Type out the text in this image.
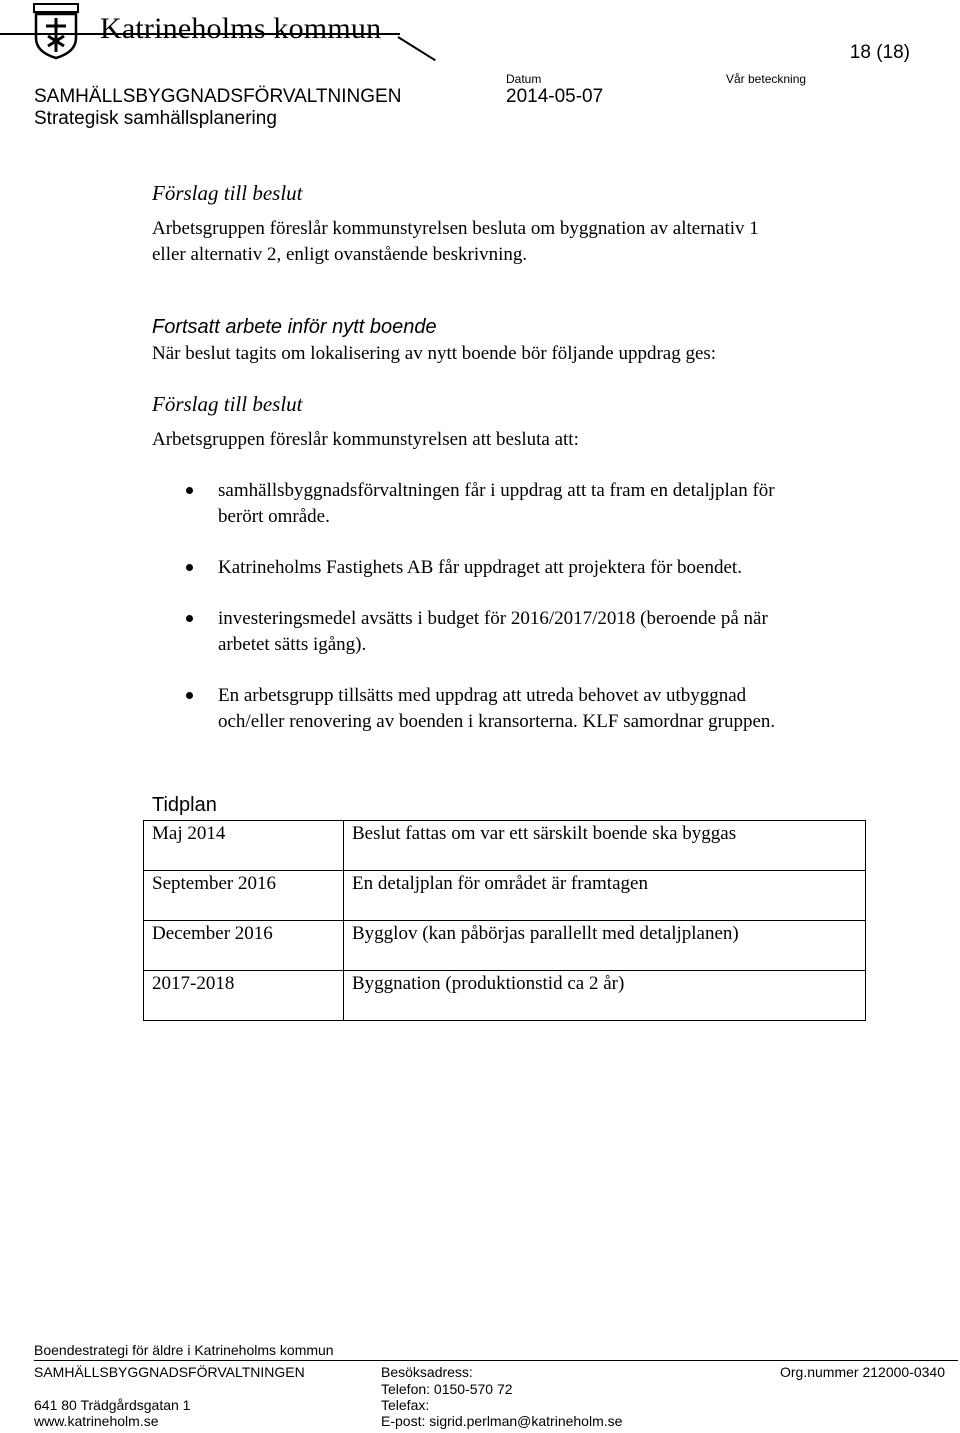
Katrineholms kommun
18 (18)
SAMHÄLLSBYGGNADSFÖRVALTNINGEN
Strategisk samhällsplanering
Datum
2014-05-07
Vår beteckning
Förslag till beslut
Arbetsgruppen föreslår kommunstyrelsen besluta om byggnation av alternativ 1
eller alternativ 2, enligt ovanstående beskrivning.
Fortsatt arbete inför nytt boende
När beslut tagits om lokalisering av nytt boende bör följande uppdrag ges:
Förslag till beslut
Arbetsgruppen föreslår kommunstyrelsen att besluta att:
samhällsbyggnadsförvaltningen får i uppdrag att ta fram en detaljplan för
berört område.
Katrineholms Fastighets AB får uppdraget att projektera för boendet.
investeringsmedel avsätts i budget för 2016/2017/2018 (beroende på när
arbetet sätts igång).
En arbetsgrupp tillsätts med uppdrag att utreda behovet av utbyggnad
och/eller renovering av boenden i kransorterna. KLF samordnar gruppen.
Tidplan
Maj 2014	Beslut fattas om var ett särskilt boende ska byggas
September 2016	En detaljplan för området är framtagen
December 2016	Bygglov (kan påbörjas parallellt med detaljplanen)
2017-2018	Byggnation (produktionstid ca 2 år)
Boendestrategi för äldre i Katrineholms kommun
SAMHÄLLSBYGGNADSFÖRVALTNINGEN	Besöksadress:	Org.nummer 212000-0340
Telefon: 0150-570 72
641 80 Trädgårdsgatan 1	Telefax:
www.katrineholm.se	E-post: sigrid.perlman@katrineholm.se
